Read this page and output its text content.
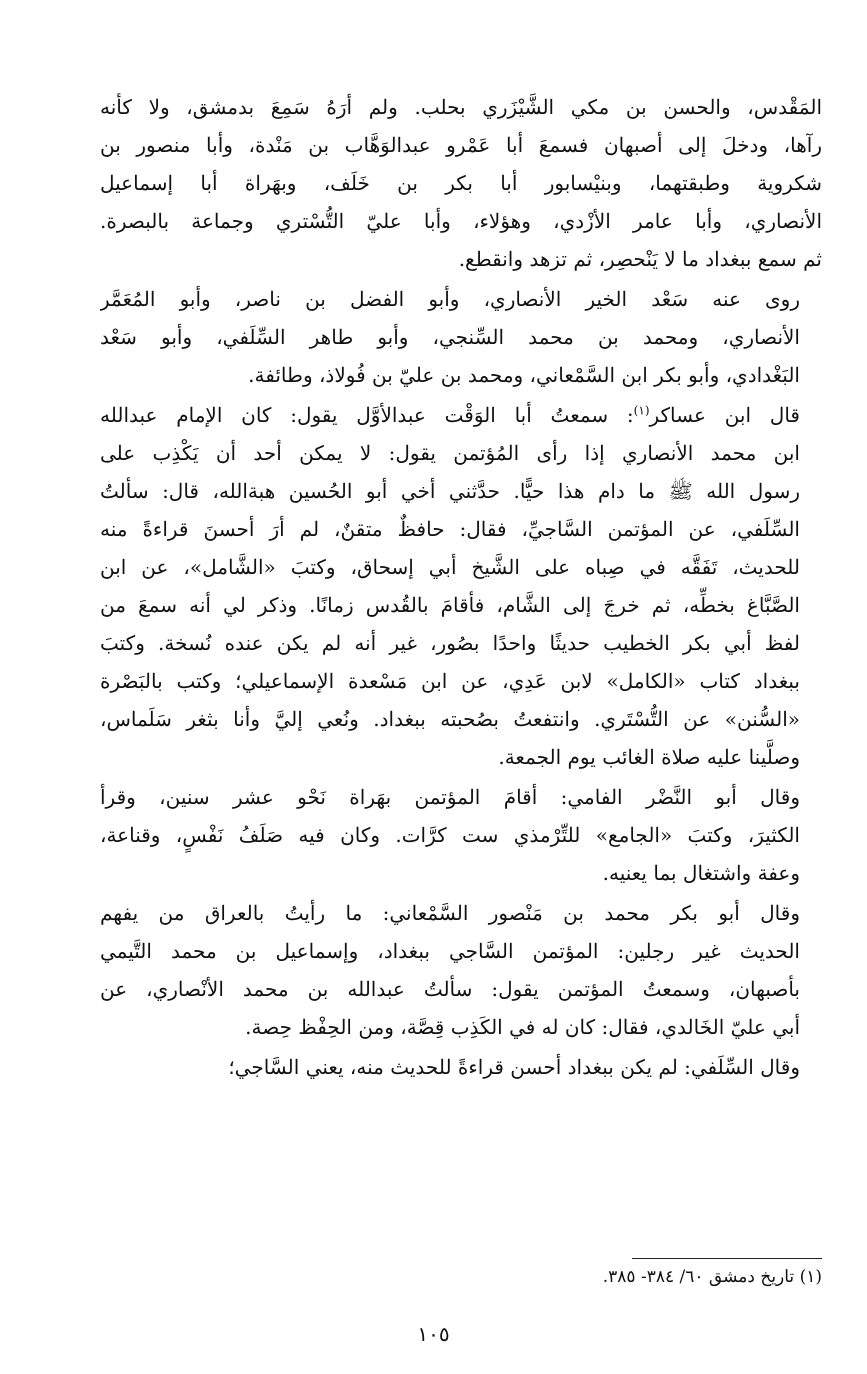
المَقْدس، والحسن بن مكي الشَّيْزَري بحلب. ولم أرَهُ سَمِعَ بدمشق، ولا كأنه
رآها، ودخلَ إلى أصبهان فسمعَ أبا عَمْرو عبدالوَهَّاب بن مَنْدة، وأبا منصور بن
شكروية وطبقتهما، وبنيْسابور أبا بكر بن خَلَف، وبهَراة أبا إسماعيل
الأنصاري، وأبا عامر الأزْدي، وهؤلاء، وأبا عليّ التُّسْتري وجماعة بالبصرة.
ثم سمع ببغداد ما لا يَنْحصِر، ثم تزهد وانقطع.

روى عنه سَعْد الخير الأنصاري، وأبو الفضل بن ناصر، وأبو المُعَمَّر
الأنصاري، ومحمد بن محمد السِّنجي، وأبو طاهر السِّلَفي، وأبو سَعْد
البَغْدادي، وأبو بكر ابن السَّمْعاني، ومحمد بن عليّ بن فُولاذ، وطائفة.

قال ابن عساكر$^{(١)}$: سمعتُ أبا الوَقْت عبدالأوَّل يقول: كان الإمام عبدالله
ابن محمد الأنصاري إذا رأى المُؤتمن يقول: لا يمكن أحد أن يَكْذِب على
رسول الله ﷺ ما دام هذا حيًّا. حدَّثني أخي أبو الحُسين هبةالله، قال: سألتُ
السِّلَفي، عن المؤتمن السَّاجيِّ، فقال: حافظٌ متقنٌ، لم أرَ أحسنَ قراءةً منه
للحديث، تَفَقَّه في صِباه على الشَّيخ أبي إسحاق، وكتبَ «الشَّامل»، عن ابن
الصَّبَّاغ بخطِّه، ثم خرجَ إلى الشَّام، فأقامَ بالقُدس زمانًا. وذكر لي أنه سمعَ من
لفظ أبي بكر الخطيب حديثًا واحدًا بصُور، غير أنه لم يكن عنده نُسخة. وكتبَ
ببغداد كتاب «الكامل» لابن عَدِي، عن ابن مَسْعدة الإسماعيلي؛ وكتب بالبَصْرة
«السُّنن» عن التُّسْتَري. وانتفعتُ بصُحبته ببغداد. ونُعي إليَّ وأنا بثغر سَلَماس،
وصلَّينا عليه صلاة الغائب يوم الجمعة.

وقال أبو النَّضْر الفامي: أقامَ المؤتمن بهَراة نَحْو عشر سنين، وقرأ
الكثيرَ، وكتبَ «الجامع» للتِّرْمذي ست كرَّات. وكان فيه صَلَفُ نَفْسٍ، وقناعة،
وعفة واشتغال بما يعنيه.

وقال أبو بكر محمد بن مَنْصور السَّمْعاني: ما رأيتُ بالعراق من يفهم
الحديث غير رجلين: المؤتمن السَّاجي ببغداد، وإسماعيل بن محمد التَّيمي
بأصبهان، وسمعتُ المؤتمن يقول: سألتُ عبدالله بن محمد الأنْصاري، عن
أبي عليّ الخَالدي، فقال: كان له في الكَذِب قِصَّة، ومن الحِفْظ حِصة.

وقال السِّلَفي: لم يكن ببغداد أحسن قراءةً للحديث منه، يعني السَّاجي؛

(١) تاريخ دمشق ٦٠/ ٣٨٤- ٣٨٥.
١٠٥
